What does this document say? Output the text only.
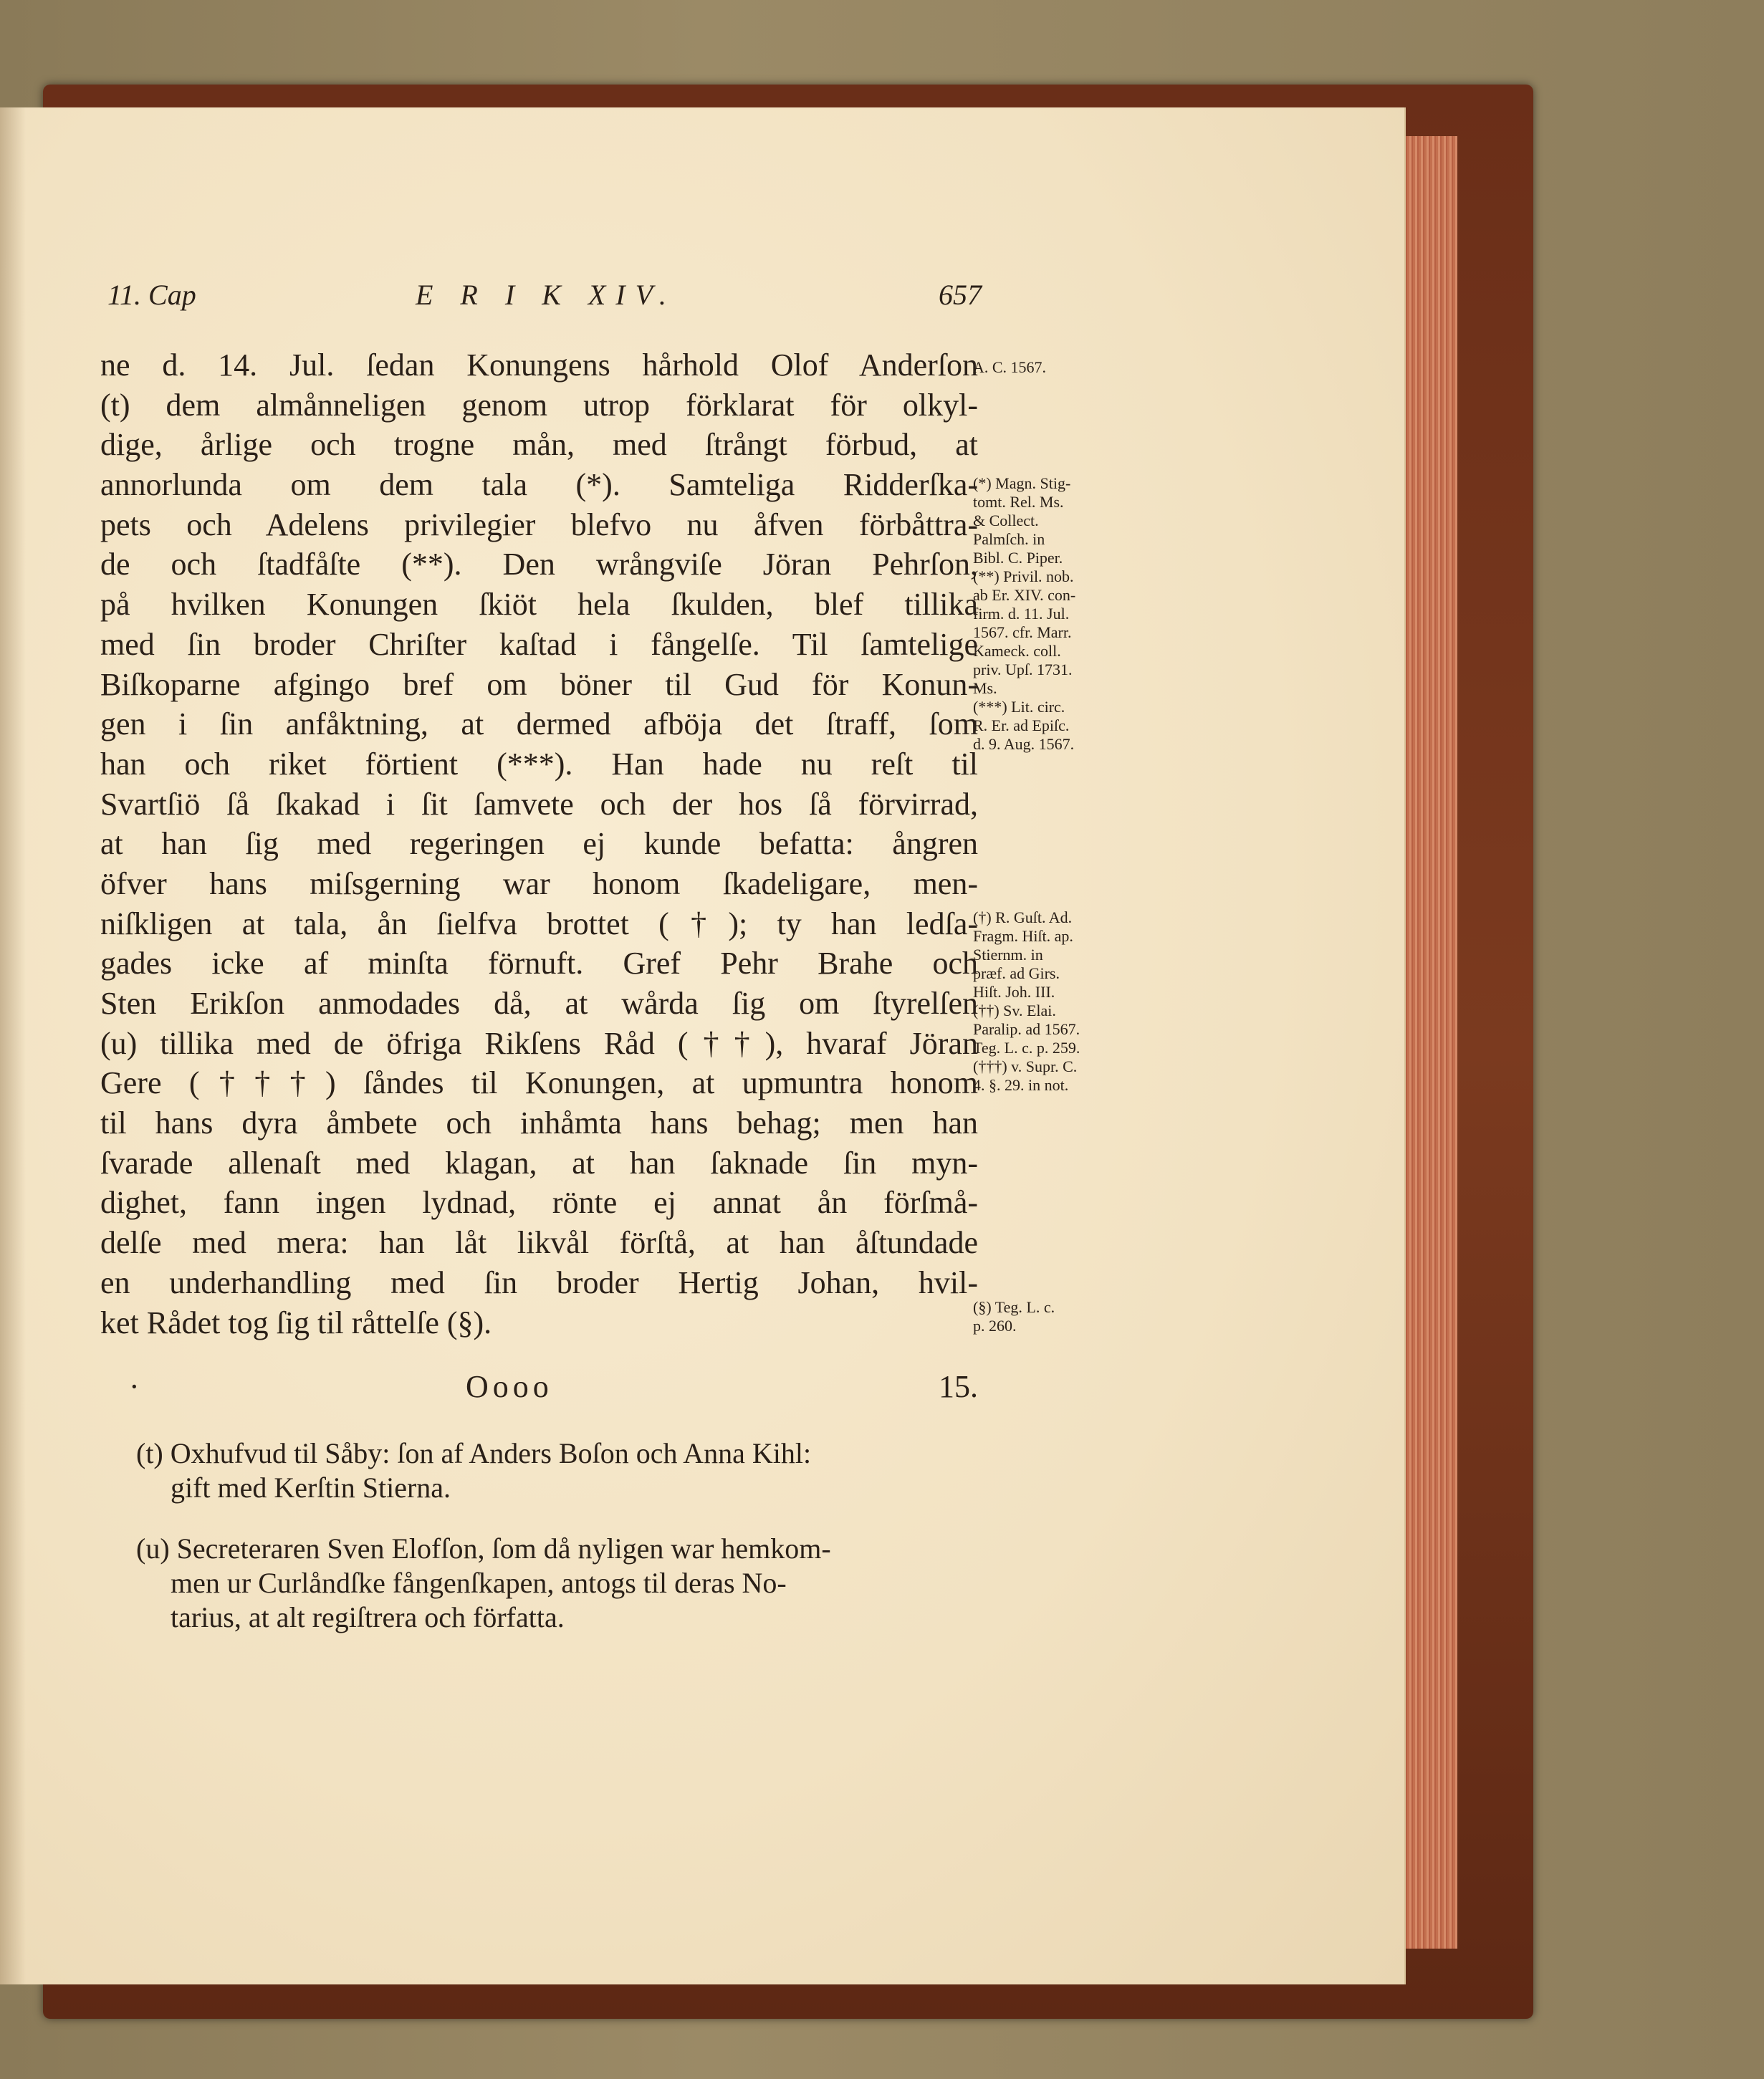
11. Cap	E R I K XIV.	657
ne d. 14. Jul. ſedan Konungens hårhold Olof Anderſon
(t) dem almånneligen genom utrop förklarat för olkyl-
dige, årlige och trogne mån, med ſtrångt förbud, at
annorlunda om dem tala (*). Samteliga Ridderſka-
pets och Adelens privilegier blefvo nu åfven förbåttra-
de och ſtadfåſte (**). Den wrångviſe Jöran Pehrſon,
på hvilken Konungen ſkiöt hela ſkulden, blef tillika
med ſin broder Chriſter kaſtad i fångelſe. Til ſamtelige
Biſkoparne afgingo bref om böner til Gud för Konun-
gen i ſin anfåktning, at dermed afböja det ſtraff, ſom
han och riket förtient (***). Han hade nu reſt til
Svartſiö ſå ſkakad i ſit ſamvete och der hos ſå förvirrad,
at han ſig med regeringen ej kunde befatta: ångren
öfver hans miſsgerning war honom ſkadeligare, men-
niſkligen at tala, ån ſielfva brottet (†); ty han ledſa-
gades icke af minſta förnuft. Gref Pehr Brahe och
Sten Erikſon anmodades då, at wårda ſig om ſtyrelſen
(u) tillika med de öfriga Rikſens Råd (††), hvaraf Jöran
Gere (†††) ſåndes til Konungen, at upmuntra honom
til hans dyra åmbete och inhåmta hans behag; men han
ſvarade allenaſt med klagan, at han ſaknade ſin myn-
dighet, fann ingen lydnad, rönte ej annat ån förſmå-
delſe med mera: han låt likvål förſtå, at han åſtundade
en underhandling med ſin broder Hertig Johan, hvil-
ket Rådet tog ſig til råttelſe (§).
A. C. 1567.
(*) Magn. Stig-
tomt. Rel. Ms.
& Collect.
Palmſch. in
Bibl. C. Piper.
(**) Privil. nob.
ab Er. XIV. con-
firm. d. 11. Jul.
1567. cfr. Marr.
Kameck. coll.
priv. Upſ. 1731.
Ms.
(***) Lit. circ.
R. Er. ad Epiſc.
d. 9. Aug. 1567.
(†) R. Guſt. Ad.
Fragm. Hiſt. ap.
Stiernm. in
præf. ad Girs.
Hiſt. Joh. III.
(††) Sv. Elai.
Paralip. ad 1567.
Teg. L. c. p. 259.
(†††) v. Supr. C.
4. §. 29. in not.
(§) Teg. L. c.
p. 260.
·	Oooo	15.
(t) Oxhufvud til Såby: ſon af Anders Boſon och Anna Kihl:
gift med Kerſtin Stierna.
(u) Secreteraren Sven Elofſon, ſom då nyligen war hemkom-
men ur Curlåndſke fångenſkapen, antogs til deras No-
tarius, at alt regiſtrera och författa.
